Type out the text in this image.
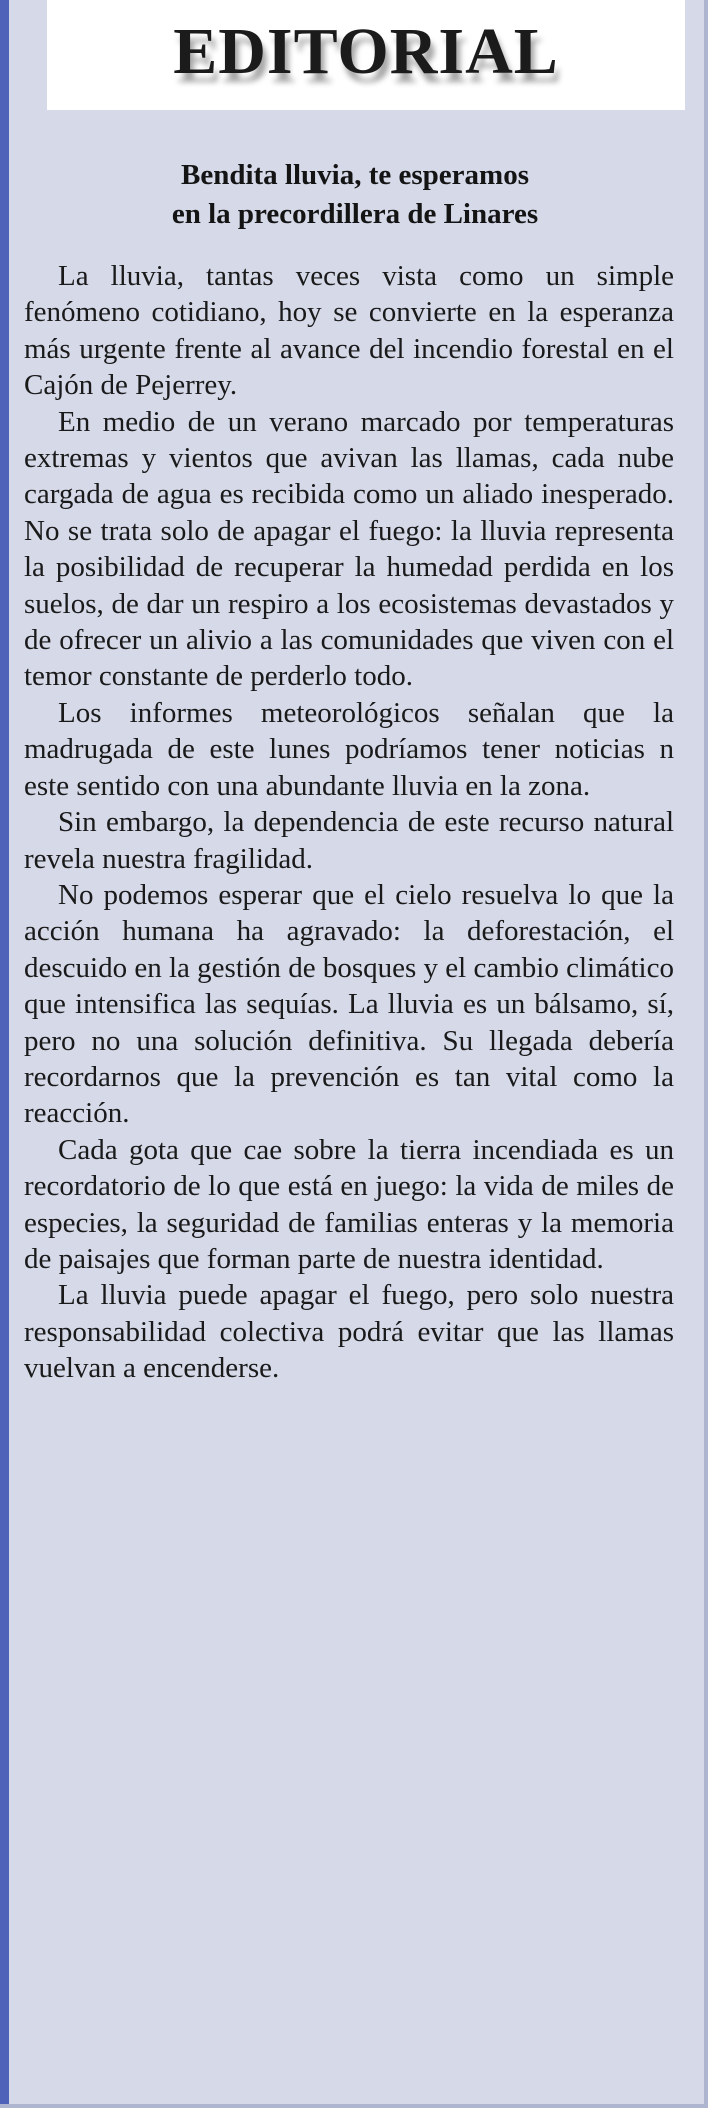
EDITORIAL
Bendita lluvia, te esperamos
en la precordillera de Linares

La lluvia, tantas veces vista como un simple fenómeno cotidiano, hoy se convierte en la esperanza más urgente frente al avance del incendio forestal en el Cajón de Pejerrey.

En medio de un verano marcado por temperaturas extremas y vientos que avivan las llamas, cada nube cargada de agua es recibida como un aliado inesperado. No se trata solo de apagar el fuego: la lluvia representa la posibilidad de recuperar la humedad perdida en los suelos, de dar un respiro a los ecosistemas devastados y de ofrecer un alivio a las comunidades que viven con el temor constante de perderlo todo.

Los informes meteorológicos señalan que la madrugada de este lunes podríamos tener noticias n este sentido con una abundante lluvia en la zona.

Sin embargo, la dependencia de este recurso natural revela nuestra fragilidad.

No podemos esperar que el cielo resuelva lo que la acción humana ha agravado: la deforestación, el descuido en la gestión de bosques y el cambio climático que intensifica las sequías. La lluvia es un bálsamo, sí, pero no una solución definitiva. Su llegada debería recordarnos que la prevención es tan vital como la reacción.

Cada gota que cae sobre la tierra incendiada es un recordatorio de lo que está en juego: la vida de miles de especies, la seguridad de familias enteras y la memoria de paisajes que forman parte de nuestra identidad.

La lluvia puede apagar el fuego, pero solo nuestra responsabilidad colectiva podrá evitar que las llamas vuelvan a encenderse.
